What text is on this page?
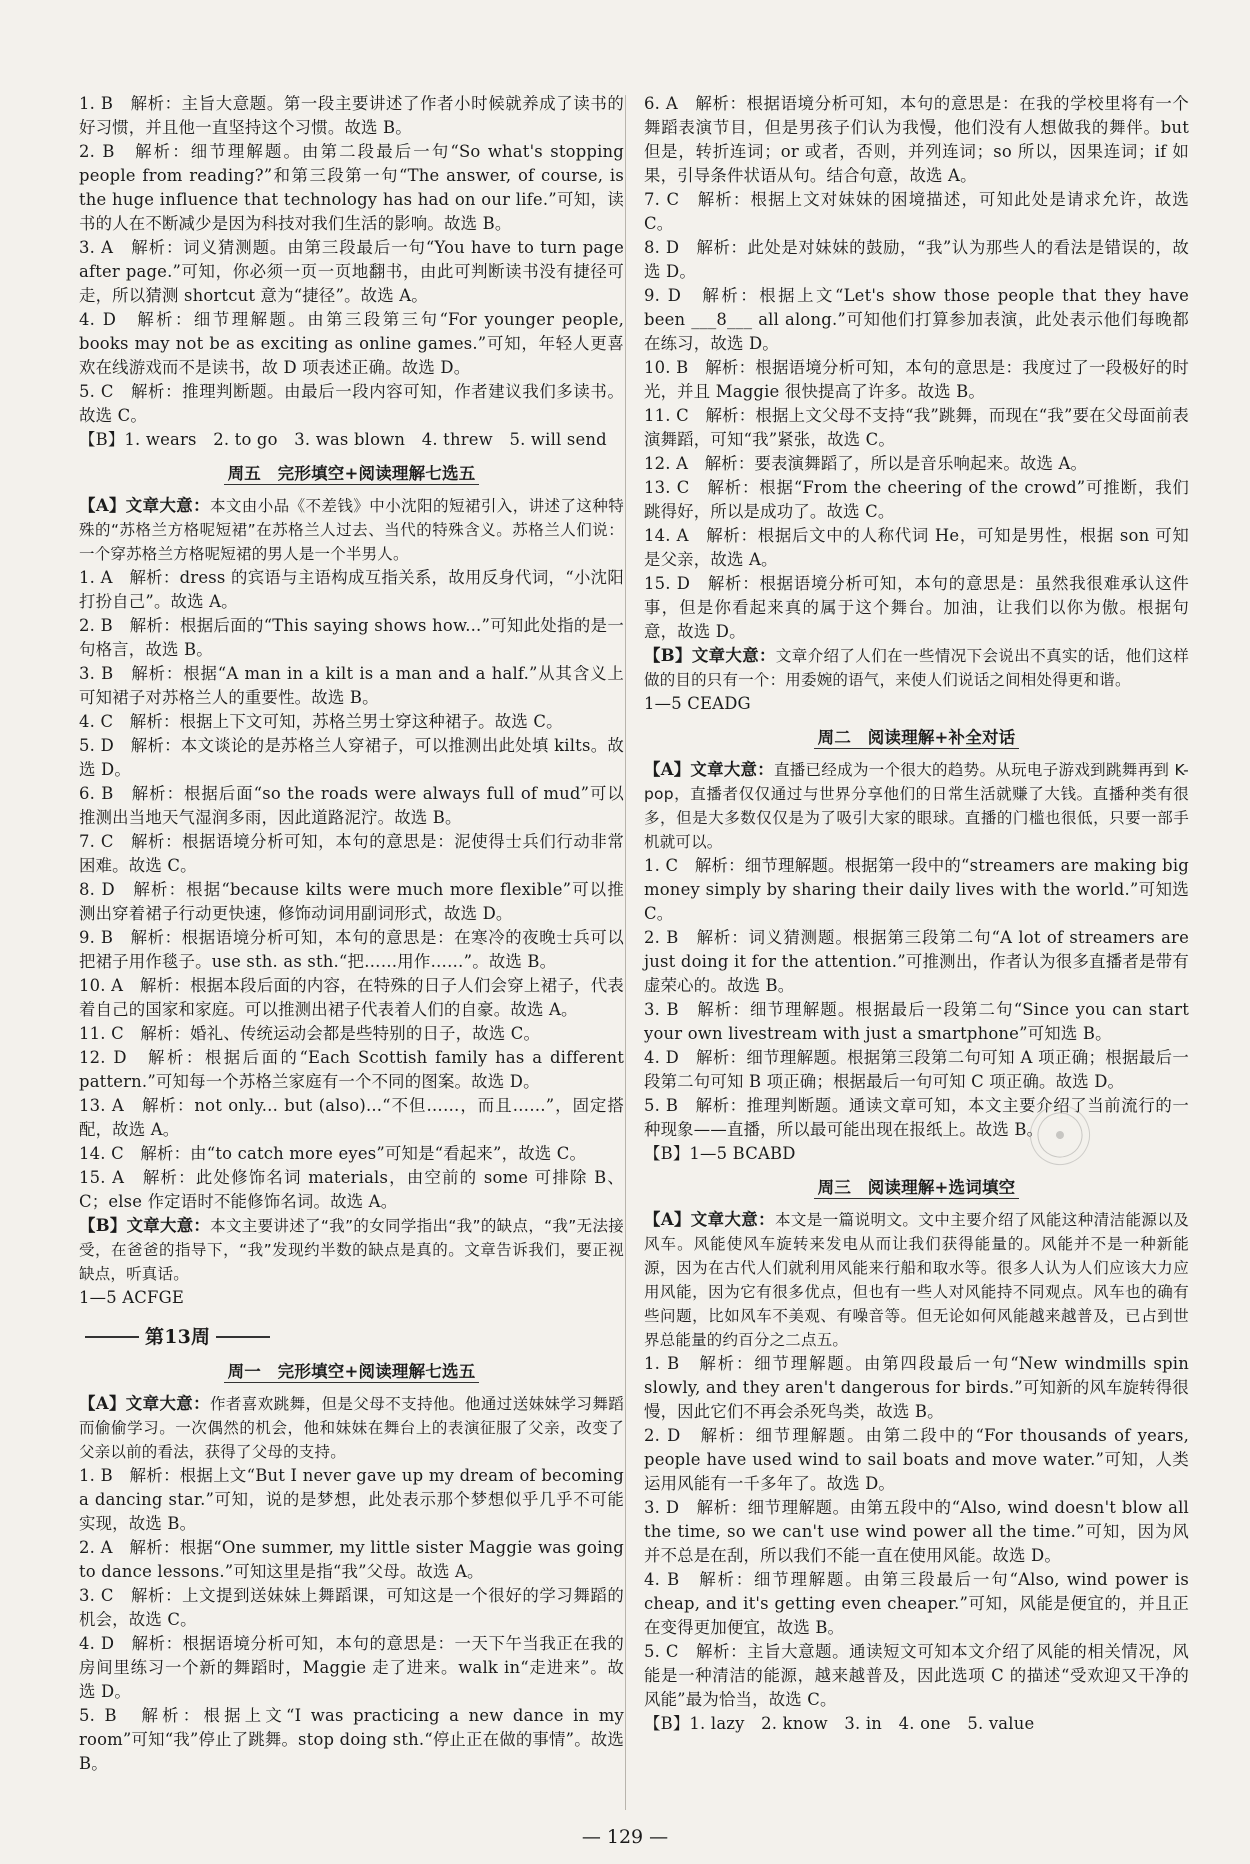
1. B　解析：主旨大意题。第一段主要讲述了作者小时候就养成了读书的好习惯，并且他一直坚持这个习惯。故选 B。

2. B　解析：细节理解题。由第二段最后一句“So what's stopping people from reading?”和第三段第一句“The answer, of course, is the huge influence that technology has had on our life.”可知，读书的人在不断减少是因为科技对我们生活的影响。故选 B。

3. A　解析：词义猜测题。由第三段最后一句“You have to turn page after page.”可知，你必须一页一页地翻书，由此可判断读书没有捷径可走，所以猜测 shortcut 意为“捷径”。故选 A。

4. D　解析：细节理解题。由第三段第三句“For younger people, books may not be as exciting as online games.”可知，年轻人更喜欢在线游戏而不是读书，故 D 项表述正确。故选 D。

5. C　解析：推理判断题。由最后一段内容可知，作者建议我们多读书。故选 C。

【B】1. wears　2. to go　3. was blown　4. threw　5. will send

周五　完形填空+阅读理解七选五

【A】文章大意：本文由小品《不差钱》中小沈阳的短裙引入，讲述了这种特殊的“苏格兰方格呢短裙”在苏格兰人过去、当代的特殊含义。苏格兰人们说：一个穿苏格兰方格呢短裙的男人是一个半男人。

1. A　解析：dress 的宾语与主语构成互指关系，故用反身代词，“小沈阳打扮自己”。故选 A。

2. B　解析：根据后面的“This saying shows how...”可知此处指的是一句格言，故选 B。

3. B　解析：根据“A man in a kilt is a man and a half.”从其含义上可知裙子对苏格兰人的重要性。故选 B。

4. C　解析：根据上下文可知，苏格兰男士穿这种裙子。故选 C。

5. D　解析：本文谈论的是苏格兰人穿裙子，可以推测出此处填 kilts。故选 D。

6. B　解析：根据后面“so the roads were always full of mud”可以推测出当地天气湿润多雨，因此道路泥泞。故选 B。

7. C　解析：根据语境分析可知，本句的意思是：泥使得士兵们行动非常困难。故选 C。

8. D　解析：根据“because kilts were much more flexible”可以推测出穿着裙子行动更快速，修饰动词用副词形式，故选 D。

9. B　解析：根据语境分析可知，本句的意思是：在寒冷的夜晚士兵可以把裙子用作毯子。use sth. as sth.“把……用作……”。故选 B。

10. A　解析：根据本段后面的内容，在特殊的日子人们会穿上裙子，代表着自己的国家和家庭。可以推测出裙子代表着人们的自豪。故选 A。

11. C　解析：婚礼、传统运动会都是些特别的日子，故选 C。

12. D　解析：根据后面的“Each Scottish family has a different pattern.”可知每一个苏格兰家庭有一个不同的图案。故选 D。

13. A　解析：not only... but (also)...“不但……，而且……”，固定搭配，故选 A。

14. C　解析：由“to catch more eyes”可知是“看起来”，故选 C。

15. A　解析：此处修饰名词 materials，由空前的 some 可排除 B、C；else 作定语时不能修饰名词。故选 A。

【B】文章大意：本文主要讲述了“我”的女同学指出“我”的缺点，“我”无法接受，在爸爸的指导下，“我”发现约半数的缺点是真的。文章告诉我们，要正视缺点，听真话。

1—5 ACFGE

第13周
周一　完形填空+阅读理解七选五

【A】文章大意：作者喜欢跳舞，但是父母不支持他。他通过送妹妹学习舞蹈而偷偷学习。一次偶然的机会，他和妹妹在舞台上的表演征服了父亲，改变了父亲以前的看法，获得了父母的支持。

1. B　解析：根据上文“But I never gave up my dream of becoming a dancing star.”可知，说的是梦想，此处表示那个梦想似乎几乎不可能实现，故选 B。

2. A　解析：根据“One summer, my little sister Maggie was going to dance lessons.”可知这里是指“我”父母。故选 A。

3. C　解析：上文提到送妹妹上舞蹈课，可知这是一个很好的学习舞蹈的机会，故选 C。

4. D　解析：根据语境分析可知，本句的意思是：一天下午当我正在我的房间里练习一个新的舞蹈时，Maggie 走了进来。walk in“走进来”。故选 D。

5. B　解析：根据上文“I was practicing a new dance in my room”可知“我”停止了跳舞。stop doing sth.“停止正在做的事情”。故选 B。

6. A　解析：根据语境分析可知，本句的意思是：在我的学校里将有一个舞蹈表演节目，但是男孩子们认为我慢，他们没有人想做我的舞伴。but 但是，转折连词；or 或者，否则，并列连词；so 所以，因果连词；if 如果，引导条件状语从句。结合句意，故选 A。

7. C　解析：根据上文对妹妹的困境描述，可知此处是请求允许，故选 C。

8. D　解析：此处是对妹妹的鼓励，“我”认为那些人的看法是错误的，故选 D。

9. D　解析：根据上文“Let's show those people that they have been ___8___ all along.”可知他们打算参加表演，此处表示他们每晚都在练习，故选 D。

10. B　解析：根据语境分析可知，本句的意思是：我度过了一段极好的时光，并且 Maggie 很快提高了许多。故选 B。

11. C　解析：根据上文父母不支持“我”跳舞，而现在“我”要在父母面前表演舞蹈，可知“我”紧张，故选 C。

12. A　解析：要表演舞蹈了，所以是音乐响起来。故选 A。

13. C　解析：根据“From the cheering of the crowd”可推断，我们跳得好，所以是成功了。故选 C。

14. A　解析：根据后文中的人称代词 He，可知是男性，根据 son 可知是父亲，故选 A。

15. D　解析：根据语境分析可知，本句的意思是：虽然我很难承认这件事，但是你看起来真的属于这个舞台。加油，让我们以你为傲。根据句意，故选 D。

【B】文章大意：文章介绍了人们在一些情况下会说出不真实的话，他们这样做的目的只有一个：用委婉的语气，来使人们说话之间相处得更和谐。

1—5 CEADG

周二　阅读理解+补全对话

【A】文章大意：直播已经成为一个很大的趋势。从玩电子游戏到跳舞再到 K-pop，直播者仅仅通过与世界分享他们的日常生活就赚了大钱。直播种类有很多，但是大多数仅仅是为了吸引大家的眼球。直播的门槛也很低，只要一部手机就可以。

1. C　解析：细节理解题。根据第一段中的“streamers are making big money simply by sharing their daily lives with the world.”可知选 C。

2. B　解析：词义猜测题。根据第三段第二句“A lot of streamers are just doing it for the attention.”可推测出，作者认为很多直播者是带有虚荣心的。故选 B。

3. B　解析：细节理解题。根据最后一段第二句“Since you can start your own livestream with just a smartphone”可知选 B。

4. D　解析：细节理解题。根据第三段第二句可知 A 项正确；根据最后一段第二句可知 B 项正确；根据最后一句可知 C 项正确。故选 D。

5. B　解析：推理判断题。通读文章可知，本文主要介绍了当前流行的一种现象——直播，所以最可能出现在报纸上。故选 B。

【B】1—5 BCABD

周三　阅读理解+选词填空

【A】文章大意：本文是一篇说明文。文中主要介绍了风能这种清洁能源以及风车。风能使风车旋转来发电从而让我们获得能量的。风能并不是一种新能源，因为在古代人们就利用风能来行船和取水等。很多人认为人们应该大力应用风能，因为它有很多优点，但也有一些人对风能持不同观点。风车也的确有些问题，比如风车不美观、有噪音等。但无论如何风能越来越普及，已占到世界总能量的约百分之二点五。

1. B　解析：细节理解题。由第四段最后一句“New windmills spin slowly, and they aren't dangerous for birds.”可知新的风车旋转得很慢，因此它们不再会杀死鸟类，故选 B。

2. D　解析：细节理解题。由第二段中的“For thousands of years, people have used wind to sail boats and move water.”可知，人类运用风能有一千多年了。故选 D。

3. D　解析：细节理解题。由第五段中的“Also, wind doesn't blow all the time, so we can't use wind power all the time.”可知，因为风并不总是在刮，所以我们不能一直在使用风能。故选 D。

4. B　解析：细节理解题。由第三段最后一句“Also, wind power is cheap, and it's getting even cheaper.”可知，风能是便宜的，并且正在变得更加便宜，故选 B。

5. C　解析：主旨大意题。通读短文可知本文介绍了风能的相关情况，风能是一种清洁的能源，越来越普及，因此选项 C 的描述“受欢迎又干净的风能”最为恰当，故选 C。

【B】1. lazy　2. know　3. in　4. one　5. value

— 129 —
